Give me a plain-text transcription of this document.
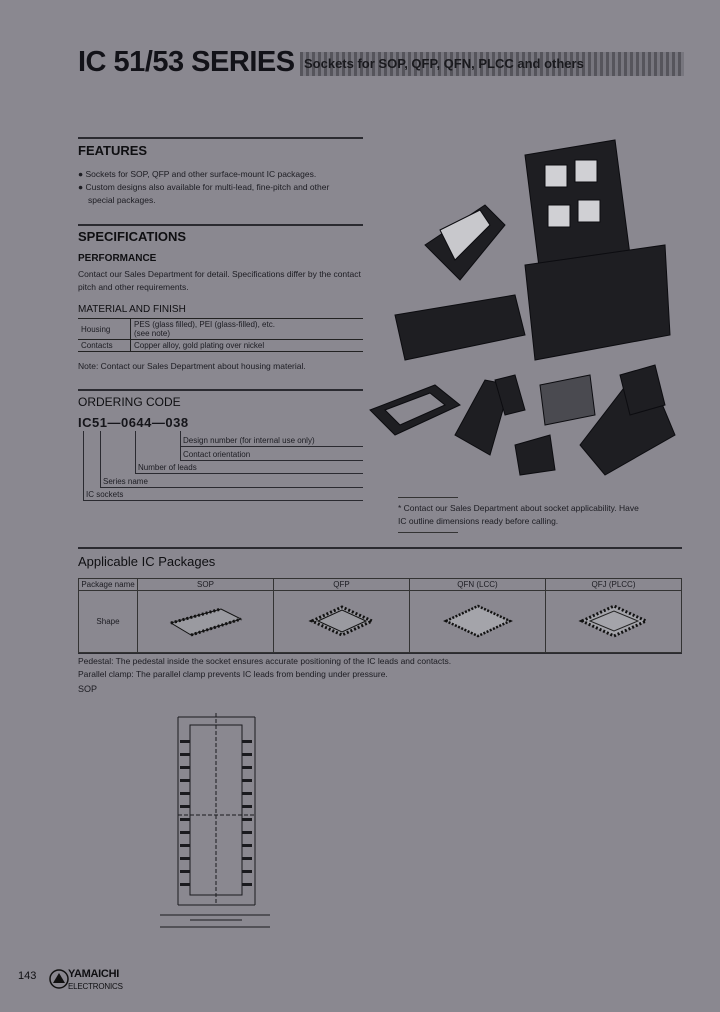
IC 51/53 SERIES Sockets for SOP, QFP, QFN, PLCC and others
FEATURES
● Sockets for SOP, QFP and other surface-mount IC packages.
● Custom designs also available for multi-lead, fine-pitch and other
special packages.
SPECIFICATIONS
PERFORMANCE
Contact our Sales Department for detail. Specifications differ by the contact
pitch and other requirements.
MATERIAL AND FINISH
Housing	PES (glass filled), PEI (glass-filled), etc.
(see note)

Contacts	Copper alloy, gold plating over nickel
Note: Contact our Sales Department about housing material.
ORDERING CODE
IC51—0644—038
Design number (for internal use only)
Contact orientation
Number of leads
Series name
IC sockets
* Contact our Sales Department about socket applicability. Have
IC outline dimensions ready before calling.
Applicable IC Packages
Package name	SOP	QFP	QFN (LCC)	QFJ (PLCC)
Shape				
Pedestal: The pedestal inside the socket ensures accurate positioning of the IC leads and contacts.
Parallel clamp: The parallel clamp prevents IC leads from bending under pressure.
SOP
143	YAMAICHI
ELECTRONICS
